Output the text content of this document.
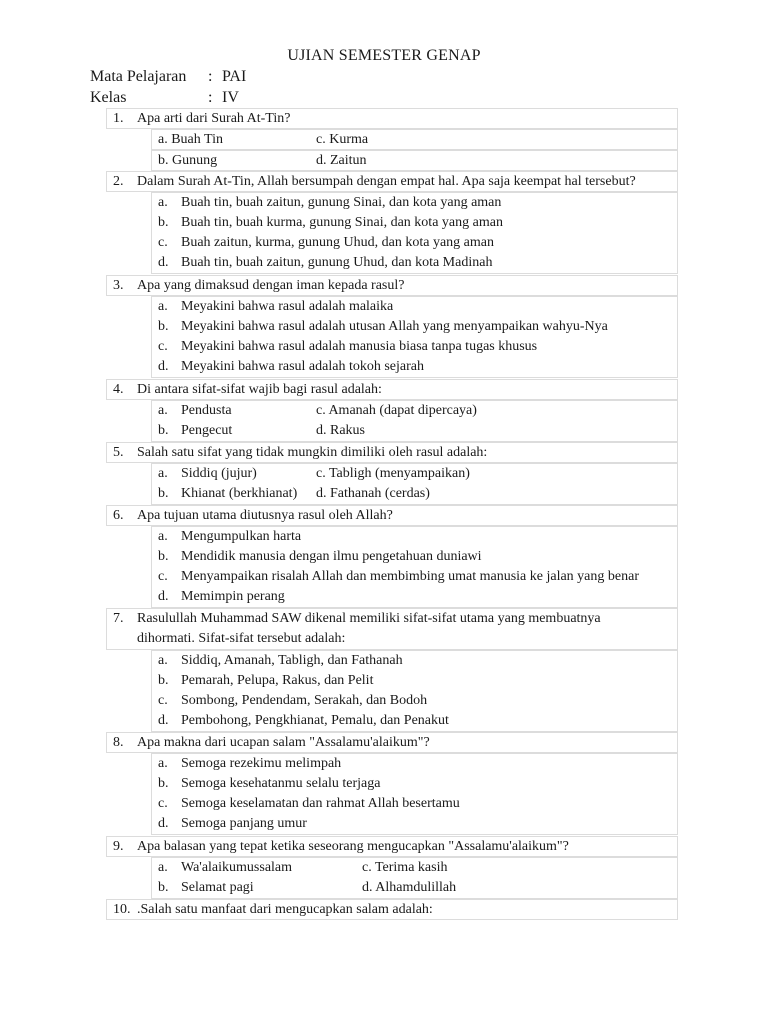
UJIAN SEMESTER GENAP
Mata Pelajaran : PAI
Kelas	: IV
1. Apa arti dari Surah At-Tin?
a. Buah Tin	c. Kurma
b. Gunung	d. Zaitun
2. Dalam Surah At-Tin, Allah bersumpah dengan empat hal. Apa saja keempat hal tersebut?
a. Buah tin, buah zaitun, gunung Sinai, dan kota yang aman
b. Buah tin, buah kurma, gunung Sinai, dan kota yang aman
c. Buah zaitun, kurma, gunung Uhud, dan kota yang aman
d. Buah tin, buah zaitun, gunung Uhud, dan kota Madinah
3. Apa yang dimaksud dengan iman kepada rasul?
a. Meyakini bahwa rasul adalah malaika
b. Meyakini bahwa rasul adalah utusan Allah yang menyampaikan wahyu-Nya
c. Meyakini bahwa rasul adalah manusia biasa tanpa tugas khusus
d. Meyakini bahwa rasul adalah tokoh sejarah
4. Di antara sifat-sifat wajib bagi rasul adalah:
a. Pendusta	c. Amanah (dapat dipercaya)
b. Pengecut	d. Rakus
5. Salah satu sifat yang tidak mungkin dimiliki oleh rasul adalah:
a. Siddiq (jujur)	c. Tabligh (menyampaikan)
b. Khianat (berkhianat) d. Fathanah (cerdas)
6. Apa tujuan utama diutusnya rasul oleh Allah?
a. Mengumpulkan harta
b. Mendidik manusia dengan ilmu pengetahuan duniawi
c. Menyampaikan risalah Allah dan membimbing umat manusia ke jalan yang benar
d. Memimpin perang
7. Rasulullah Muhammad SAW dikenal memiliki sifat-sifat utama yang membuatnya dihormati. Sifat-sifat tersebut adalah:
a. Siddiq, Amanah, Tabligh, dan Fathanah
b. Pemarah, Pelupa, Rakus, dan Pelit
c. Sombong, Pendendam, Serakah, dan Bodoh
d. Pembohong, Pengkhianat, Pemalu, dan Penakut
8. Apa makna dari ucapan salam "Assalamu'alaikum"?
a. Semoga rezekimu melimpah
b. Semoga kesehatanmu selalu terjaga
c. Semoga keselamatan dan rahmat Allah besertamu
d. Semoga panjang umur
9. Apa balasan yang tepat ketika seseorang mengucapkan "Assalamu'alaikum"?
a. Wa'alaikumussalam	c. Terima kasih
b. Selamat pagi	d. Alhamdulillah
10. .Salah satu manfaat dari mengucapkan salam adalah:
